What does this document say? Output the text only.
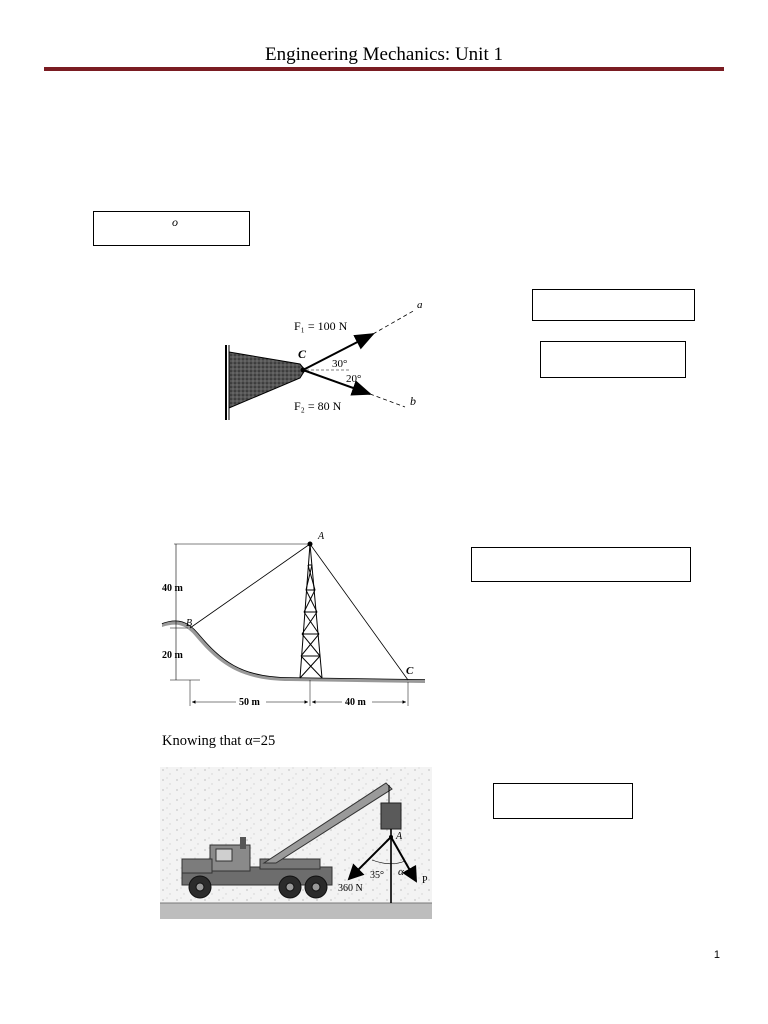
Engineering Mechanics: Unit 1
o
F₁ = 100 N
F₂ = 80 N
C
a
b
30°
20°
40 m
20 m
50 m	40 m
A
B
C
Knowing that α=25
A
35° α
360 N
P
1
